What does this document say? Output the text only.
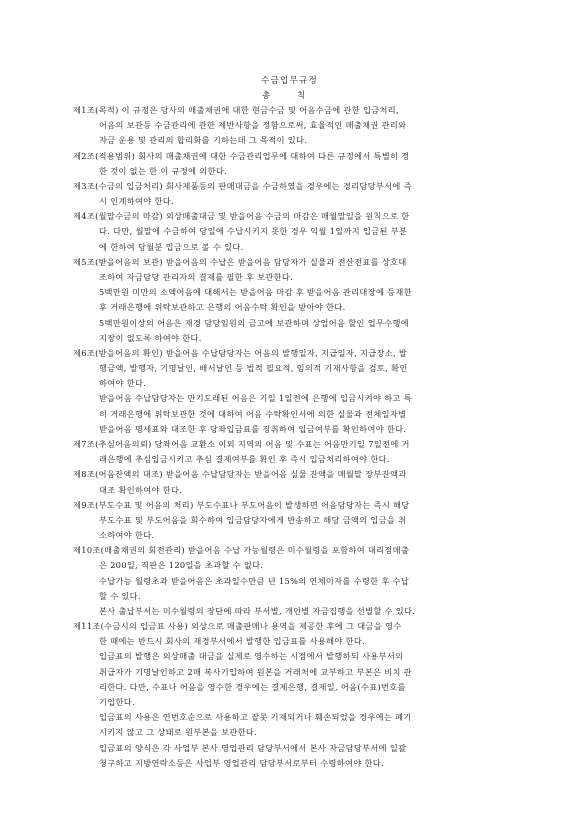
수금업무규정
총 칙
제1조(목적) 이 규정은 당사의 매출채권에 대한 현금수금 및 어음수금에 관한 입금처리,
어음의 보관등 수금관리에 관한 제반사항을 정함으로써, 효율적인 매출채권 관리와
자금 운용 및 관리의 합리화를 기하는데 그 목적이 있다.
제2조(적용범위) 회사의 매출채권에 대한 수금관리업무에 대하여 다른 규정에서 특별히 정
한 것이 없는 한 이 규정에 의한다.
제3조(수금의 입금처리) 회사제품등의 판매대금을 수금하였을 경우에는 경리담당부서에 즉
시 인계하여야 한다.
제4조(월말수금의 마감) 외상매출대금 및 받을어음 수금의 마감은 매월말일을 원칙으로 한
다. 다만, 월말에 수금하여 당일에 수납시키지 못한 경우 익월 1일까지 입금된 부분
에 한하여 당월분 입금으로 볼 수 있다.
제5조(받을어음의 보관) 받을어음의 수납은 받을어음 담당자가 실물과 전산전표를 상호대
조하여 자금담당 관리자의 결재를 필한 후 보관한다.
5백만원 미만의 소액어음에 대해서는 받을어음 마감 후 받을어음 관리대장에 등재한
후 거래은행에 위탁보관하고 은행의 어음수탁 확인을 받아야 한다.
5백만원이상의 어음은 재경 담당임원의 금고에 보관하며 상업어음 할인 업무수행에
지장이 없도록 하여야 한다.
제6조(받을어음의 확인) 받을어음 수납담당자는 어음의 발행일자, 지급일자, 지급장소, 발
행금액, 발행자, 기명날인, 배서날인 등 법적 필요적, 임의적 기재사항을 검토, 확인
하여야 한다.
받을어음 수납담당자는 만기도래된 어음은 기일 1일전에 은행에 입금시켜야 하고 특
히 거래은행에 위탁보관한 것에 대하여 어음 수탁확인서에 의한 실물과 전체일자별
받을어음 명세표와 대조한 후 당좌입금표를 징취하여 입금여부를 확인하여야 한다.
제7조(추심어음의뢰) 당좌어음 교환소 이외 지역의 어음 및 수표는 어음만기일 7일전에 거
래은행에 추심입금시키고 추심 결제여부를 확인 후 즉시 입금처리하여야 한다.
제8조(어음잔액의 대조) 받을어음 수납담당자는 받을어음 실물 잔액을 매월말 장부잔액과
대조 확인하여야 한다.
제9조(부도수표 및 어음의 처리) 부도수표나 부도어음이 발생하면 어음담당자는 즉시 해당
부도수표 및 부도어음을 회수하여 입금담당자에게 반송하고 해당 금액의 입금을 취
소하여야 한다.
제10조(매출채권의 회전관리) 받을어음 수납 가능월령은 미수월령을 포함하여 대리점매출
은 200일, 직판은 120일을 초과할 수 없다.
수납가능 월령초과 받을어음은 초과일수만큼 년 15%의 연체이자를 수령한 후 수납
할 수 있다.
본사 출납부서는 미수월령의 장단에 따라 부서별, 개인별 자금집행을 선별할 수 있다.
제11조(수금시의 입금표 사용) 외상으로 매출판매나 용역을 제공한 후에 그 대금을 영수
한 때에는 반드시 회사의 재경부서에서 발행한 입금표를 사용해야 한다.
입금표의 발행은 외상매출 대금을 실제로 영수하는 시점에서 발행하되 사용부서의
취급자가 기명날인하고 2매 복사기입하여 원본을 거래처에 교부하고 부본은 비치 관
리한다. 다만, 수표나 어음을 영수한 경우에는 결제은행, 결제일, 어음(수표)번호를
기입한다.
입금표의 사용은 연번호순으로 사용하고 잘못 기재되거나 훼손되었을 경우에는 폐기
시키지 않고 그 상태로 원부본을 보관한다.
입금표의 양식은 각 사업부 본사 영업관리 담당부서에서 본사 자금담당부서에 일괄
청구하고 지방연락소등은 사업부 영업관리 담당부서로부터 수령하여야 한다.
